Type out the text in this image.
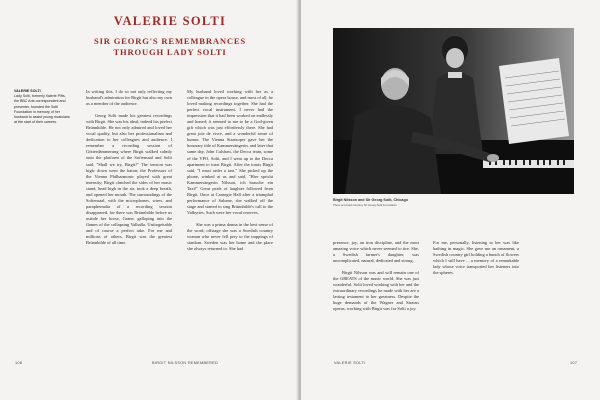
VALERIE SOLTI
SIR GEORG'S REMEMBRANCES
THROUGH LADY SOLTI
VALERIE SOLTI
Lady Solti, formerly Valerie Pitts, the BBC Arts correspondent and presenter, founded the Solti Foundation in memory of her husband to assist young musicians at the start of their careers.

In writing this, I do so not only reflecting my husband's admiration for Birgit but also my own as a member of the audience.

Georg Solti made his greatest recordings with Birgit. She was his ideal, indeed his perfect Brünnhilde. He not only admired and loved her vocal quality, but also her professionalism and dedication to her colleagues and audience. I remember a recording session of Götterdämmerung where Birgit walked calmly onto the platform of the Sofiensaal and Solti said, "Shall we try, Birgit?" The tension was high: down went the baton; the Professors of the Vienna Philharmonic played with great intensity; Birgit clutched the sides of her music stand, head high in the air, took a deep breath, and opened her mouth. The surroundings of the Sofiensaal, with the microphones, wires, and paraphernalia of a recording session disappeared, for there was Brünnhilde before us astride her horse, Grane, galloping into the flames of the collapsing Valhalla. Unforgettable and of course a perfect take. For me and millions of others, Birgit was the greatest Brünnhilde of all time.

My husband loved working with her as a colleague in the opera house, and most of all, he loved making recordings together. She had the perfect vocal instrument. I never had the impression that it had been worked on endlessly and honed; it seemed to me to be a God-given gift which was just effortlessly there. She had great joie de vivre, and a wonderful sense of humor. The Vienna Staatsoper gave her the honorary title of Kammersängerin, and later that same day, John Culshaw, the Decca team, some of the VPO, Solti, and I went up to the Decca apartment to toast Birgit. After the toasts Birgit said, "I must order a taxi." She picked up the phone, winked at us and said, "Hier spricht Kammersängerin Nilsson, ich brauche ein Taxi!" Great peals of laughter followed from Birgit. Once at Carnegie Hall after a triumphal performance of Salome, she walked off the stage and started to sing Brünnhilde's call to the Valkyries. Such were her vocal reserves.

She was a prima donna in the best sense of the word; offstage she was a Swedish country woman who never fell prey to the trappings of stardom. Sweden was her home and the place she always returned to. She had

106	BIRGIT NILSSON REMEMBERED
Birgit Nilsson and Sir Georg Solti, Chicago
Photo provided courtesy Sir Georg Solti Foundation

presence, joy, an iron discipline, and the most amazing voice which never seemed to tire. She, a Swedish farmer's daughter, was uncomplicated, natural, dedicated and strong.

Birgit Nilsson was and will remain one of the GREATS of the music world. She was just wonderful. Solti loved working with her and the extraordinary recordings he made with her are a lasting testament to her greatness. Despite the huge demands of the Wagner and Strauss operas, working with Birgit was for Solti a joy.

For me, personally, listening to her was like bathing in magic. She gave me an ornament, a Swedish country girl holding a bunch of flowers which I still have ... a memory of a remarkable lady whose voice transported her listeners into the spheres.

VALERIE SOLTI	107
